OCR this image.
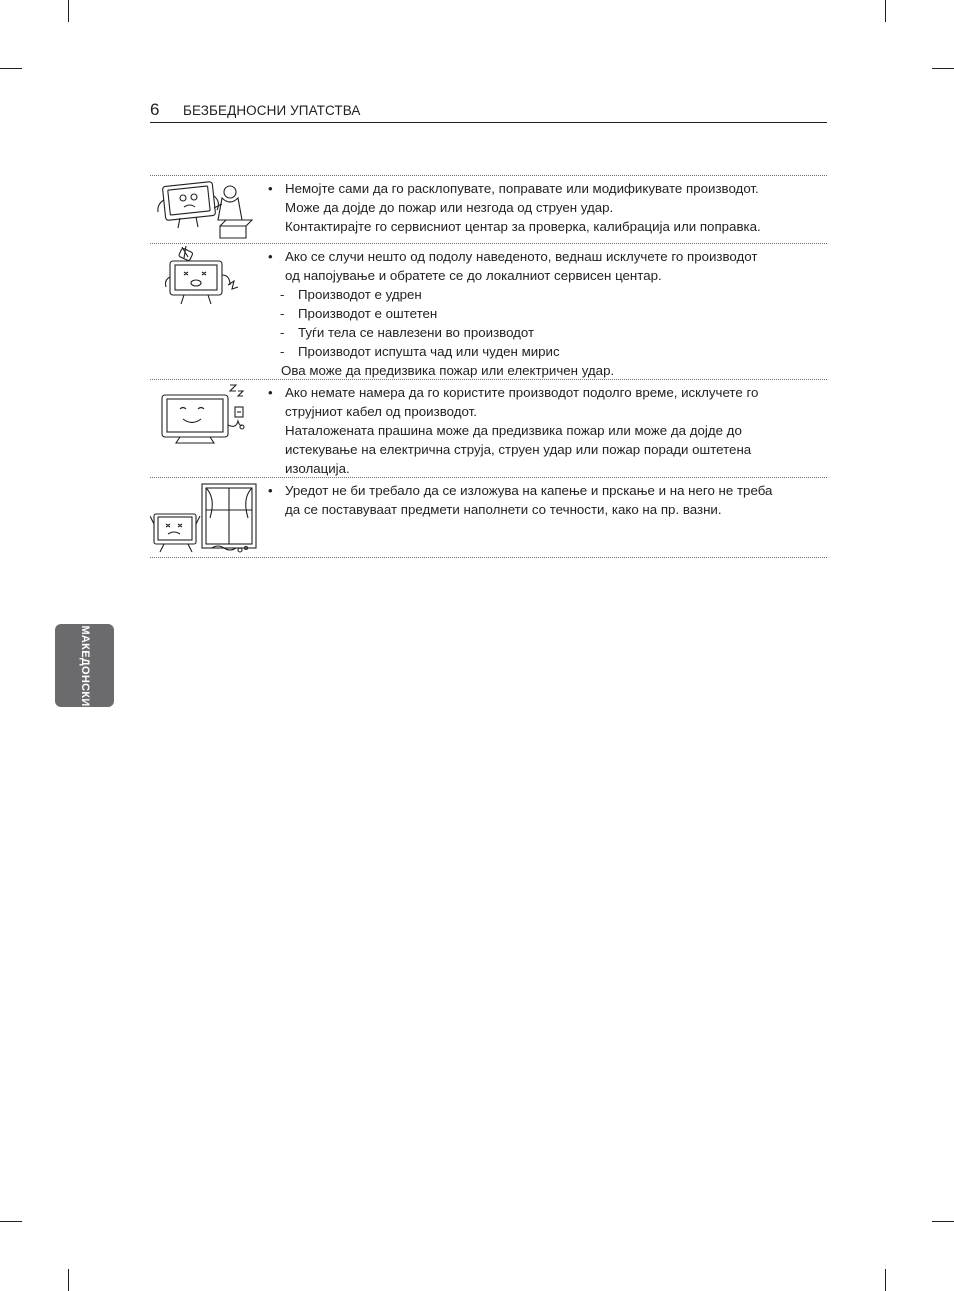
6 БЕЗБЕДНОСНИ УПАТСТВА
• Немојте сами да го расклопувате, поправате или модификувате производот.
Може да дојде до пожар или незгода од струен удар.
Контактирајте го сервисниот центар за проверка, калибрација или поправка.
• Ако се случи нешто од подолу наведеното, веднаш исклучете го производот
од напојување и обратете се до локалниот сервисен центар.
- Производот е удрен
- Производот е оштетен
- Туѓи тела се навлезени во производот
- Производот испушта чад или чуден мирис
Ова може да предизвика пожар или електричен удар.
• Ако немате намера да го користите производот подолго време, исклучете го
струјниот кабел од производот.
Наталожената прашина може да предизвика пожар или може да дојде до
истекување на електрична струја, струен удар или пожар поради оштетена
изолација.
• Уредот не би требало да се изложува на капење и прскање и на него не треба
да се поставуваат предмети наполнети со течности, како на пр. вазни.
МАКЕДОНСКИ
